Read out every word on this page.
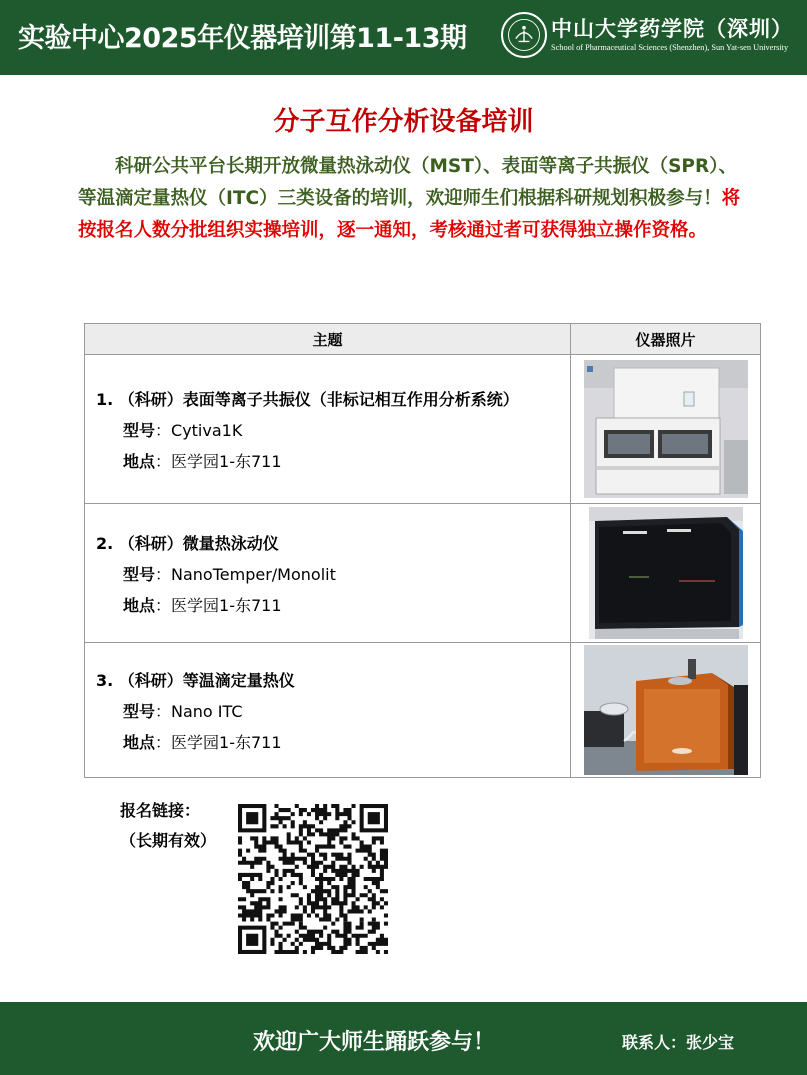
实验中心2025年仪器培训第11-13期	中山大学药学院（深圳）
School of Pharmaceutical Sciences (Shenzhen), Sun Yat-sen University
分子互作分析设备培训

科研公共平台长期开放微量热泳动仪（MST）、表面等离子共振仪（SPR）、等温滴定量热仪（ITC）三类设备的培训，欢迎师生们根据科研规划积极参与！将按报名人数分批组织实操培训，逐一通知，考核通过者可获得独立操作资格。

主题	仪器照片

1. （科研）表面等离子共振仪（非标记相互作用分析系统）
型号：Cytiva1K
地点：医学园1-东711

2. （科研）微量热泳动仪
型号：NanoTemper/Monolit
地点：医学园1-东711

3. （科研）等温滴定量热仪
型号：Nano ITC
地点：医学园1-东711

报名链接：
（长期有效）
欢迎广大师生踊跃参与！	联系人：张少宝
